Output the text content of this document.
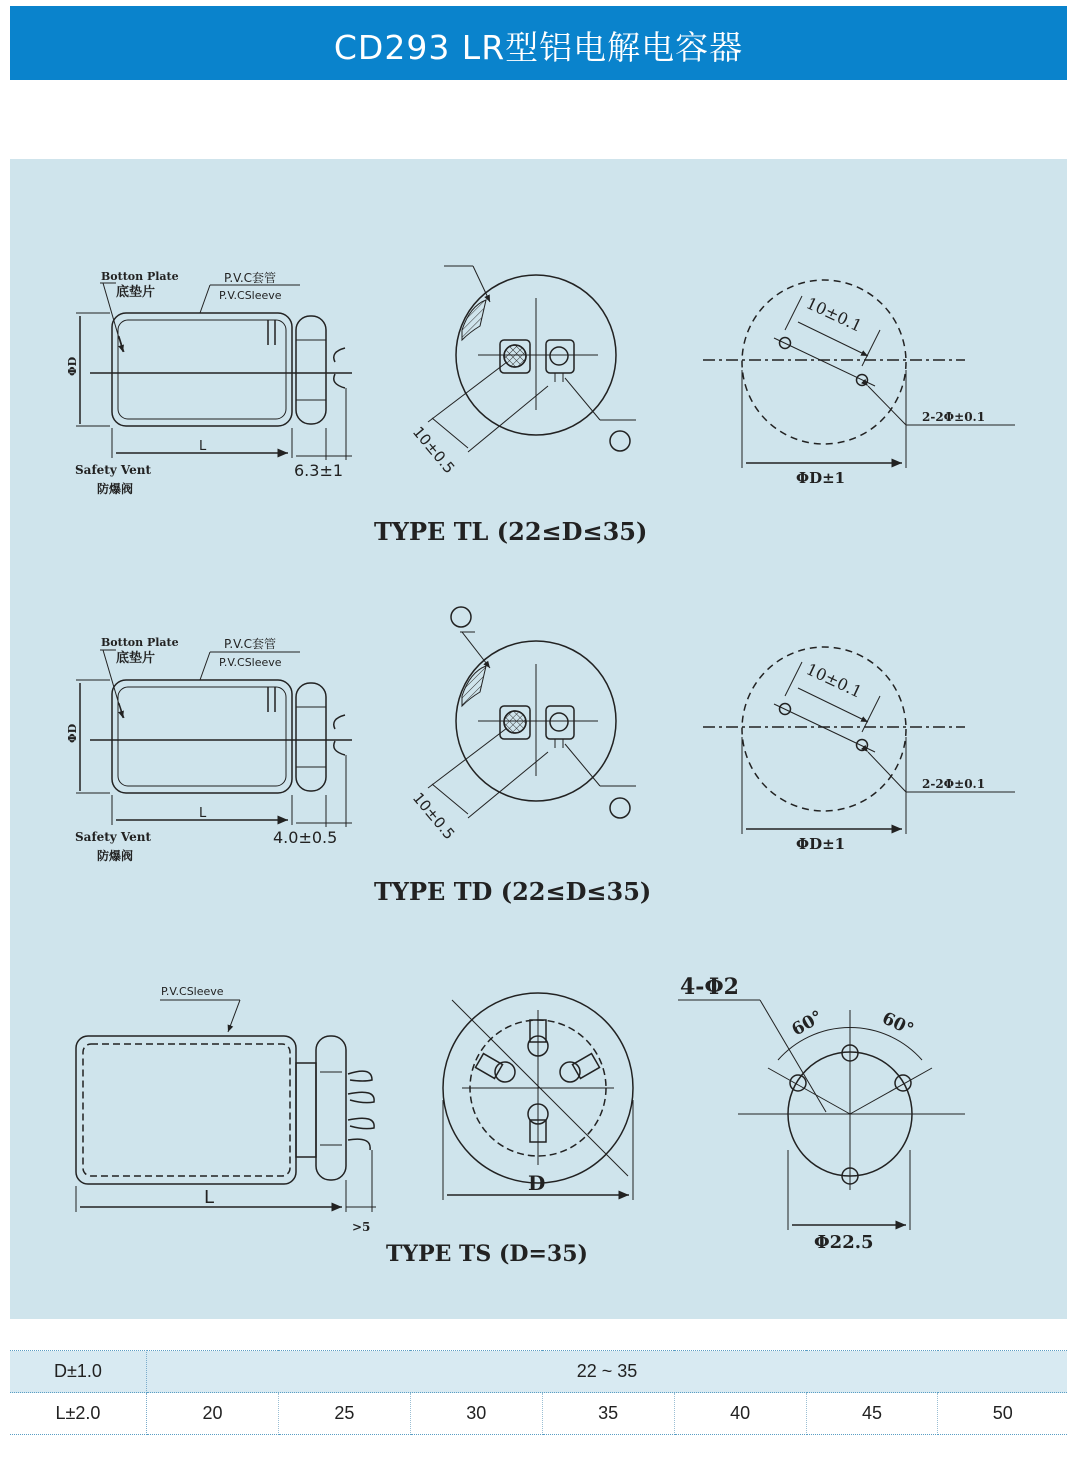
CD293 LR型铝电解电容器
Botton Plate
底垫片
P.V.C套管
P.V.CSleeve
ΦD
L
6.3±1
Safety Vent
防爆阀
10±0.5
10±0.1
2-2Φ±0.1
ΦD±1
TYPE TL (22≤D≤35)
Botton Plate
底垫片
P.V.C套管
P.V.CSleeve
ΦD
L
4.0±0.5
Safety Vent
防爆阀
10±0.5
10±0.1
2-2Φ±0.1
ΦD±1
TYPE TD (22≤D≤35)
P.V.CSleeve
L
>5
D
4-Φ2
60°	60°
Φ22.5
TYPE TS (D=35)
D±1.0	22 ~ 35						
L±2.0	20	25	30	35	40	45	50
